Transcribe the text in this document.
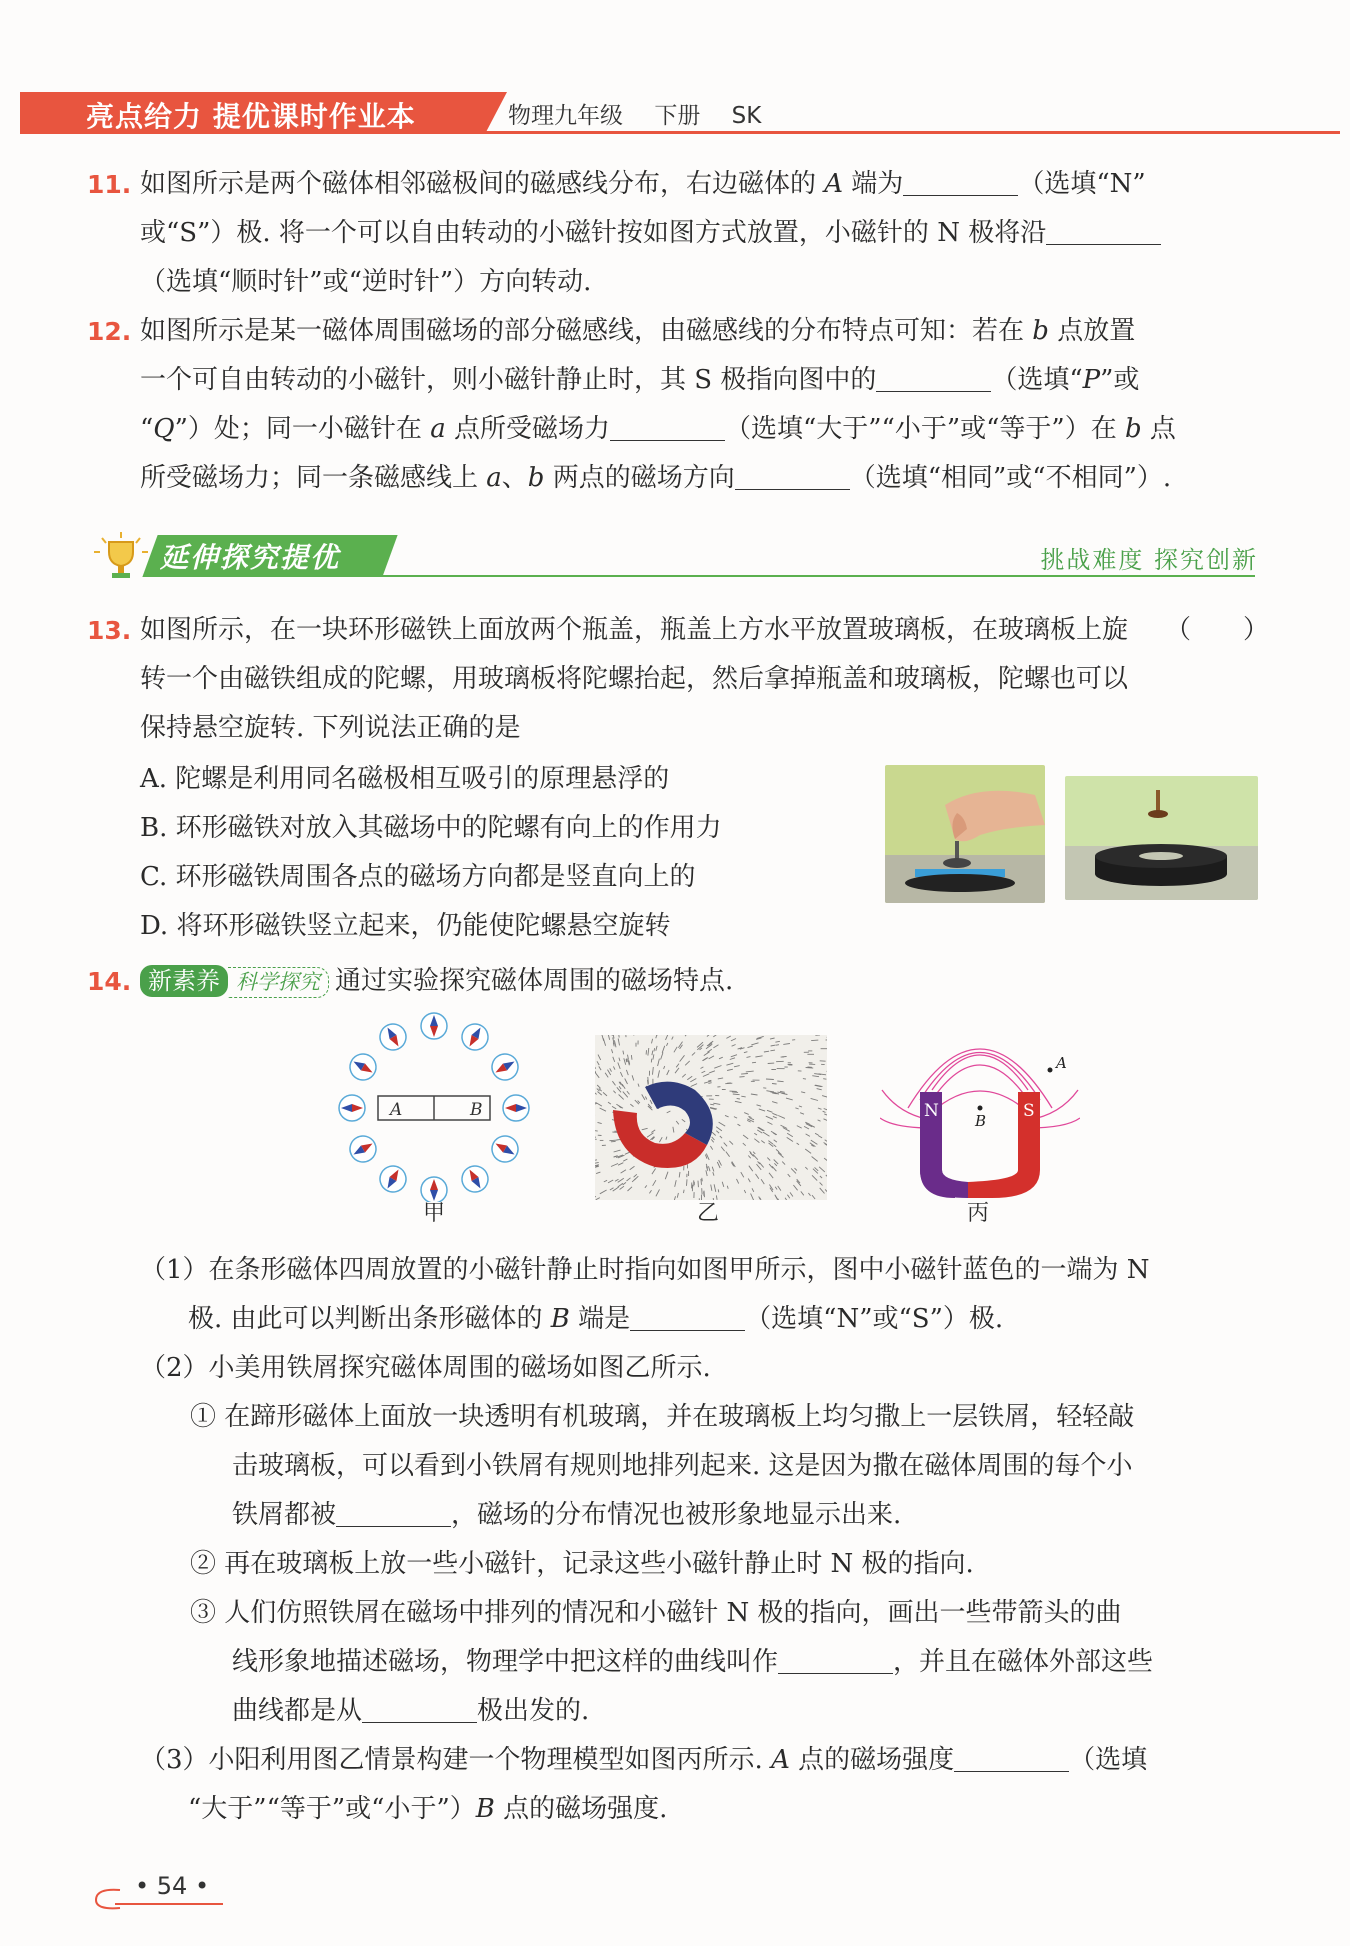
亮点给力 提优课时作业本	物理九年级 下册 SK
11. 如图所示是两个磁体相邻磁极间的磁感线分布，右边磁体的 A 端为	（选填“N”
或“S”）极. 将一个可以自由转动的小磁针按如图方式放置，小磁针的 N 极将沿
（选填“顺时针”或“逆时针”）方向转动.
12. 如图所示是某一磁体周围磁场的部分磁感线，由磁感线的分布特点可知：若在 b 点放置
一个可自由转动的小磁针，则小磁针静止时，其 S 极指向图中的	（选填“P”或
“Q”）处；同一小磁针在 a 点所受磁场力	（选填“大于”“小于”或“等于”）在 b 点
所受磁场力；同一条磁感线上 a、b 两点的磁场方向	（选填“相同”或“不相同”）.
延伸探究提优	挑战难度 探究创新
13. 如图所示，在一块环形磁铁上面放两个瓶盖，瓶盖上方水平放置玻璃板，在玻璃板上旋
转一个由磁铁组成的陀螺，用玻璃板将陀螺抬起，然后拿掉瓶盖和玻璃板，陀螺也可以
保持悬空旋转. 下列说法正确的是
（　　）
A. 陀螺是利用同名磁极相互吸引的原理悬浮的
B. 环形磁铁对放入其磁场中的陀螺有向上的作用力
C. 环形磁铁周围各点的磁场方向都是竖直向上的
D. 将环形磁铁竖立起来，仍能使陀螺悬空旋转
14. 新素养 科学探究 通过实验探究磁体周围的磁场特点.
A	B
甲	乙
N	S
B
A
丙
（1）在条形磁体四周放置的小磁针静止时指向如图甲所示，图中小磁针蓝色的一端为 N
极. 由此可以判断出条形磁体的 B 端是	（选填“N”或“S”）极.
（2）小美用铁屑探究磁体周围的磁场如图乙所示.
① 在蹄形磁体上面放一块透明有机玻璃，并在玻璃板上均匀撒上一层铁屑，轻轻敲
击玻璃板，可以看到小铁屑有规则地排列起来. 这是因为撒在磁体周围的每个小
铁屑都被	，磁场的分布情况也被形象地显示出来.
② 再在玻璃板上放一些小磁针，记录这些小磁针静止时 N 极的指向.
③ 人们仿照铁屑在磁场中排列的情况和小磁针 N 极的指向，画出一些带箭头的曲
线形象地描述磁场，物理学中把这样的曲线叫作	，并且在磁体外部这些
曲线都是从	极出发的.
（3）小阳利用图乙情景构建一个物理模型如图丙所示. A 点的磁场强度	（选填
“大于”“等于”或“小于”）B 点的磁场强度.
• 54 •
